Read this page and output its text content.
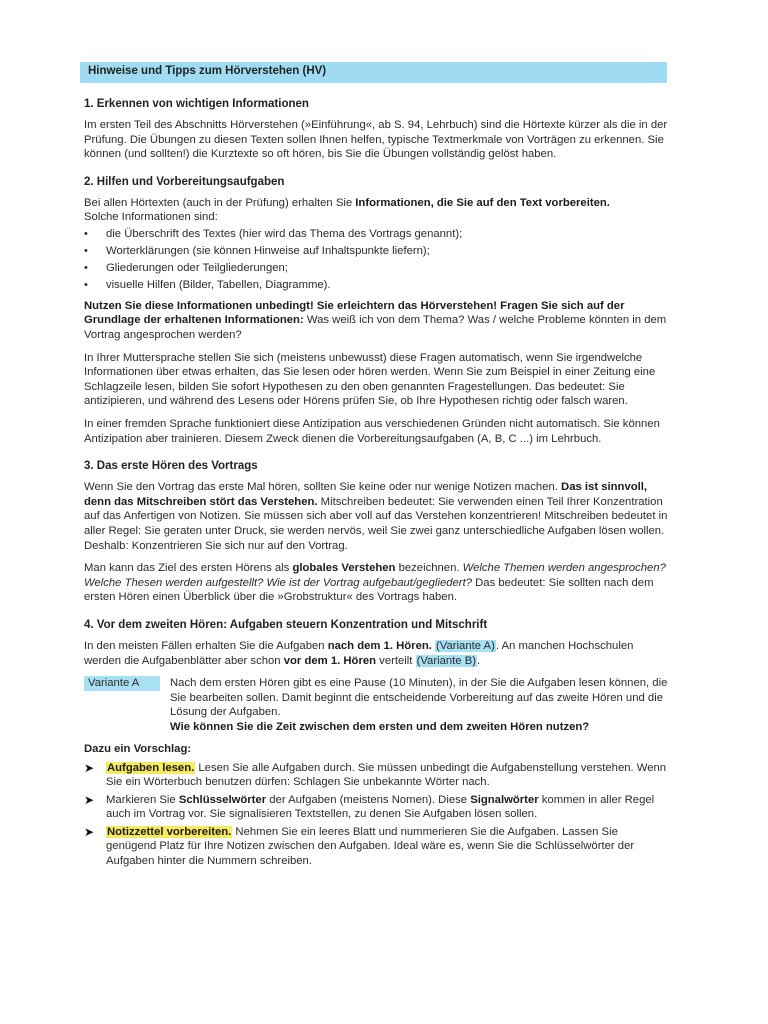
Hinweise und Tipps zum Hörverstehen (HV)
1. Erkennen von wichtigen Informationen

Im ersten Teil des Abschnitts Hörverstehen (»Einführung«, ab S. 94, Lehrbuch) sind die Hörtexte kürzer als die in der Prüfung. Die Übungen zu diesen Texten sollen Ihnen helfen, typische Textmerkmale von Vorträgen zu erkennen. Sie können (und sollten!) die Kurztexte so oft hören, bis Sie die Übungen vollständig gelöst haben.

2. Hilfen und Vorbereitungsaufgaben

Bei allen Hörtexten (auch in der Prüfung) erhalten Sie Informationen, die Sie auf den Text vorbereiten.
Solche Informationen sind:

• die Überschrift des Textes (hier wird das Thema des Vortrags genannt);
• Worterklärungen (sie können Hinweise auf Inhaltspunkte liefern);
• Gliederungen oder Teilgliederungen;
• visuelle Hilfen (Bilder, Tabellen, Diagramme).

Nutzen Sie diese Informationen unbedingt! Sie erleichtern das Hörverstehen! Fragen Sie sich auf der Grundlage der erhaltenen Informationen: Was weiß ich von dem Thema? Was / welche Probleme könnten in dem Vortrag angesprochen werden?

In Ihrer Muttersprache stellen Sie sich (meistens unbewusst) diese Fragen automatisch, wenn Sie irgendwelche Informationen über etwas erhalten, das Sie lesen oder hören werden. Wenn Sie zum Beispiel in einer Zeitung eine Schlagzeile lesen, bilden Sie sofort Hypothesen zu den oben genannten Fragestellungen. Das bedeutet: Sie antizipieren, und während des Lesens oder Hörens prüfen Sie, ob Ihre Hypothesen richtig oder falsch waren.

In einer fremden Sprache funktioniert diese Antizipation aus verschiedenen Gründen nicht automatisch. Sie können Antizipation aber trainieren. Diesem Zweck dienen die Vorbereitungsaufgaben (A, B, C ...) im Lehrbuch.

3. Das erste Hören des Vortrags

Wenn Sie den Vortrag das erste Mal hören, sollten Sie keine oder nur wenige Notizen machen. Das ist sinnvoll, denn das Mitschreiben stört das Verstehen. Mitschreiben bedeutet: Sie verwenden einen Teil Ihrer Konzentration auf das Anfertigen von Notizen. Sie müssen sich aber voll auf das Verstehen konzentrieren! Mitschreiben bedeutet in aller Regel: Sie geraten unter Druck, sie werden nervös, weil Sie zwei ganz unterschiedliche Aufgaben lösen wollen. Deshalb: Konzentrieren Sie sich nur auf den Vortrag.

Man kann das Ziel des ersten Hörens als globales Verstehen bezeichnen. Welche Themen werden angesprochen? Welche Thesen werden aufgestellt? Wie ist der Vortrag aufgebaut/gegliedert? Das bedeutet: Sie sollten nach dem ersten Hören einen Überblick über die »Grobstruktur« des Vortrags haben.

4. Vor dem zweiten Hören: Aufgaben steuern Konzentration und Mitschrift

In den meisten Fällen erhalten Sie die Aufgaben nach dem 1. Hören. (Variante A). An manchen Hochschulen werden die Aufgabenblätter aber schon vor dem 1. Hören verteilt (Variante B).

Variante A	Nach dem ersten Hören gibt es eine Pause (10 Minuten), in der Sie die Aufgaben lesen können, die Sie bearbeiten sollen. Damit beginnt die entscheidende Vorbereitung auf das zweite Hören und die Lösung der Aufgaben.
Wie können Sie die Zeit zwischen dem ersten und dem zweiten Hören nutzen?
Dazu ein Vorschlag:
➤ Aufgaben lesen. Lesen Sie alle Aufgaben durch. Sie müssen unbedingt die Aufgabenstellung verstehen. Wenn Sie ein Wörterbuch benutzen dürfen: Schlagen Sie unbekannte Wörter nach.
➤ Markieren Sie Schlüsselwörter der Aufgaben (meistens Nomen). Diese Signalwörter kommen in aller Regel auch im Vortrag vor. Sie signalisieren Textstellen, zu denen Sie Aufgaben lösen sollen.
➤ Notizzettel vorbereiten. Nehmen Sie ein leeres Blatt und nummerieren Sie die Aufgaben. Lassen Sie genügend Platz für Ihre Notizen zwischen den Aufgaben. Ideal wäre es, wenn Sie die Schlüsselwörter der Aufgaben hinter die Nummern schreiben.
